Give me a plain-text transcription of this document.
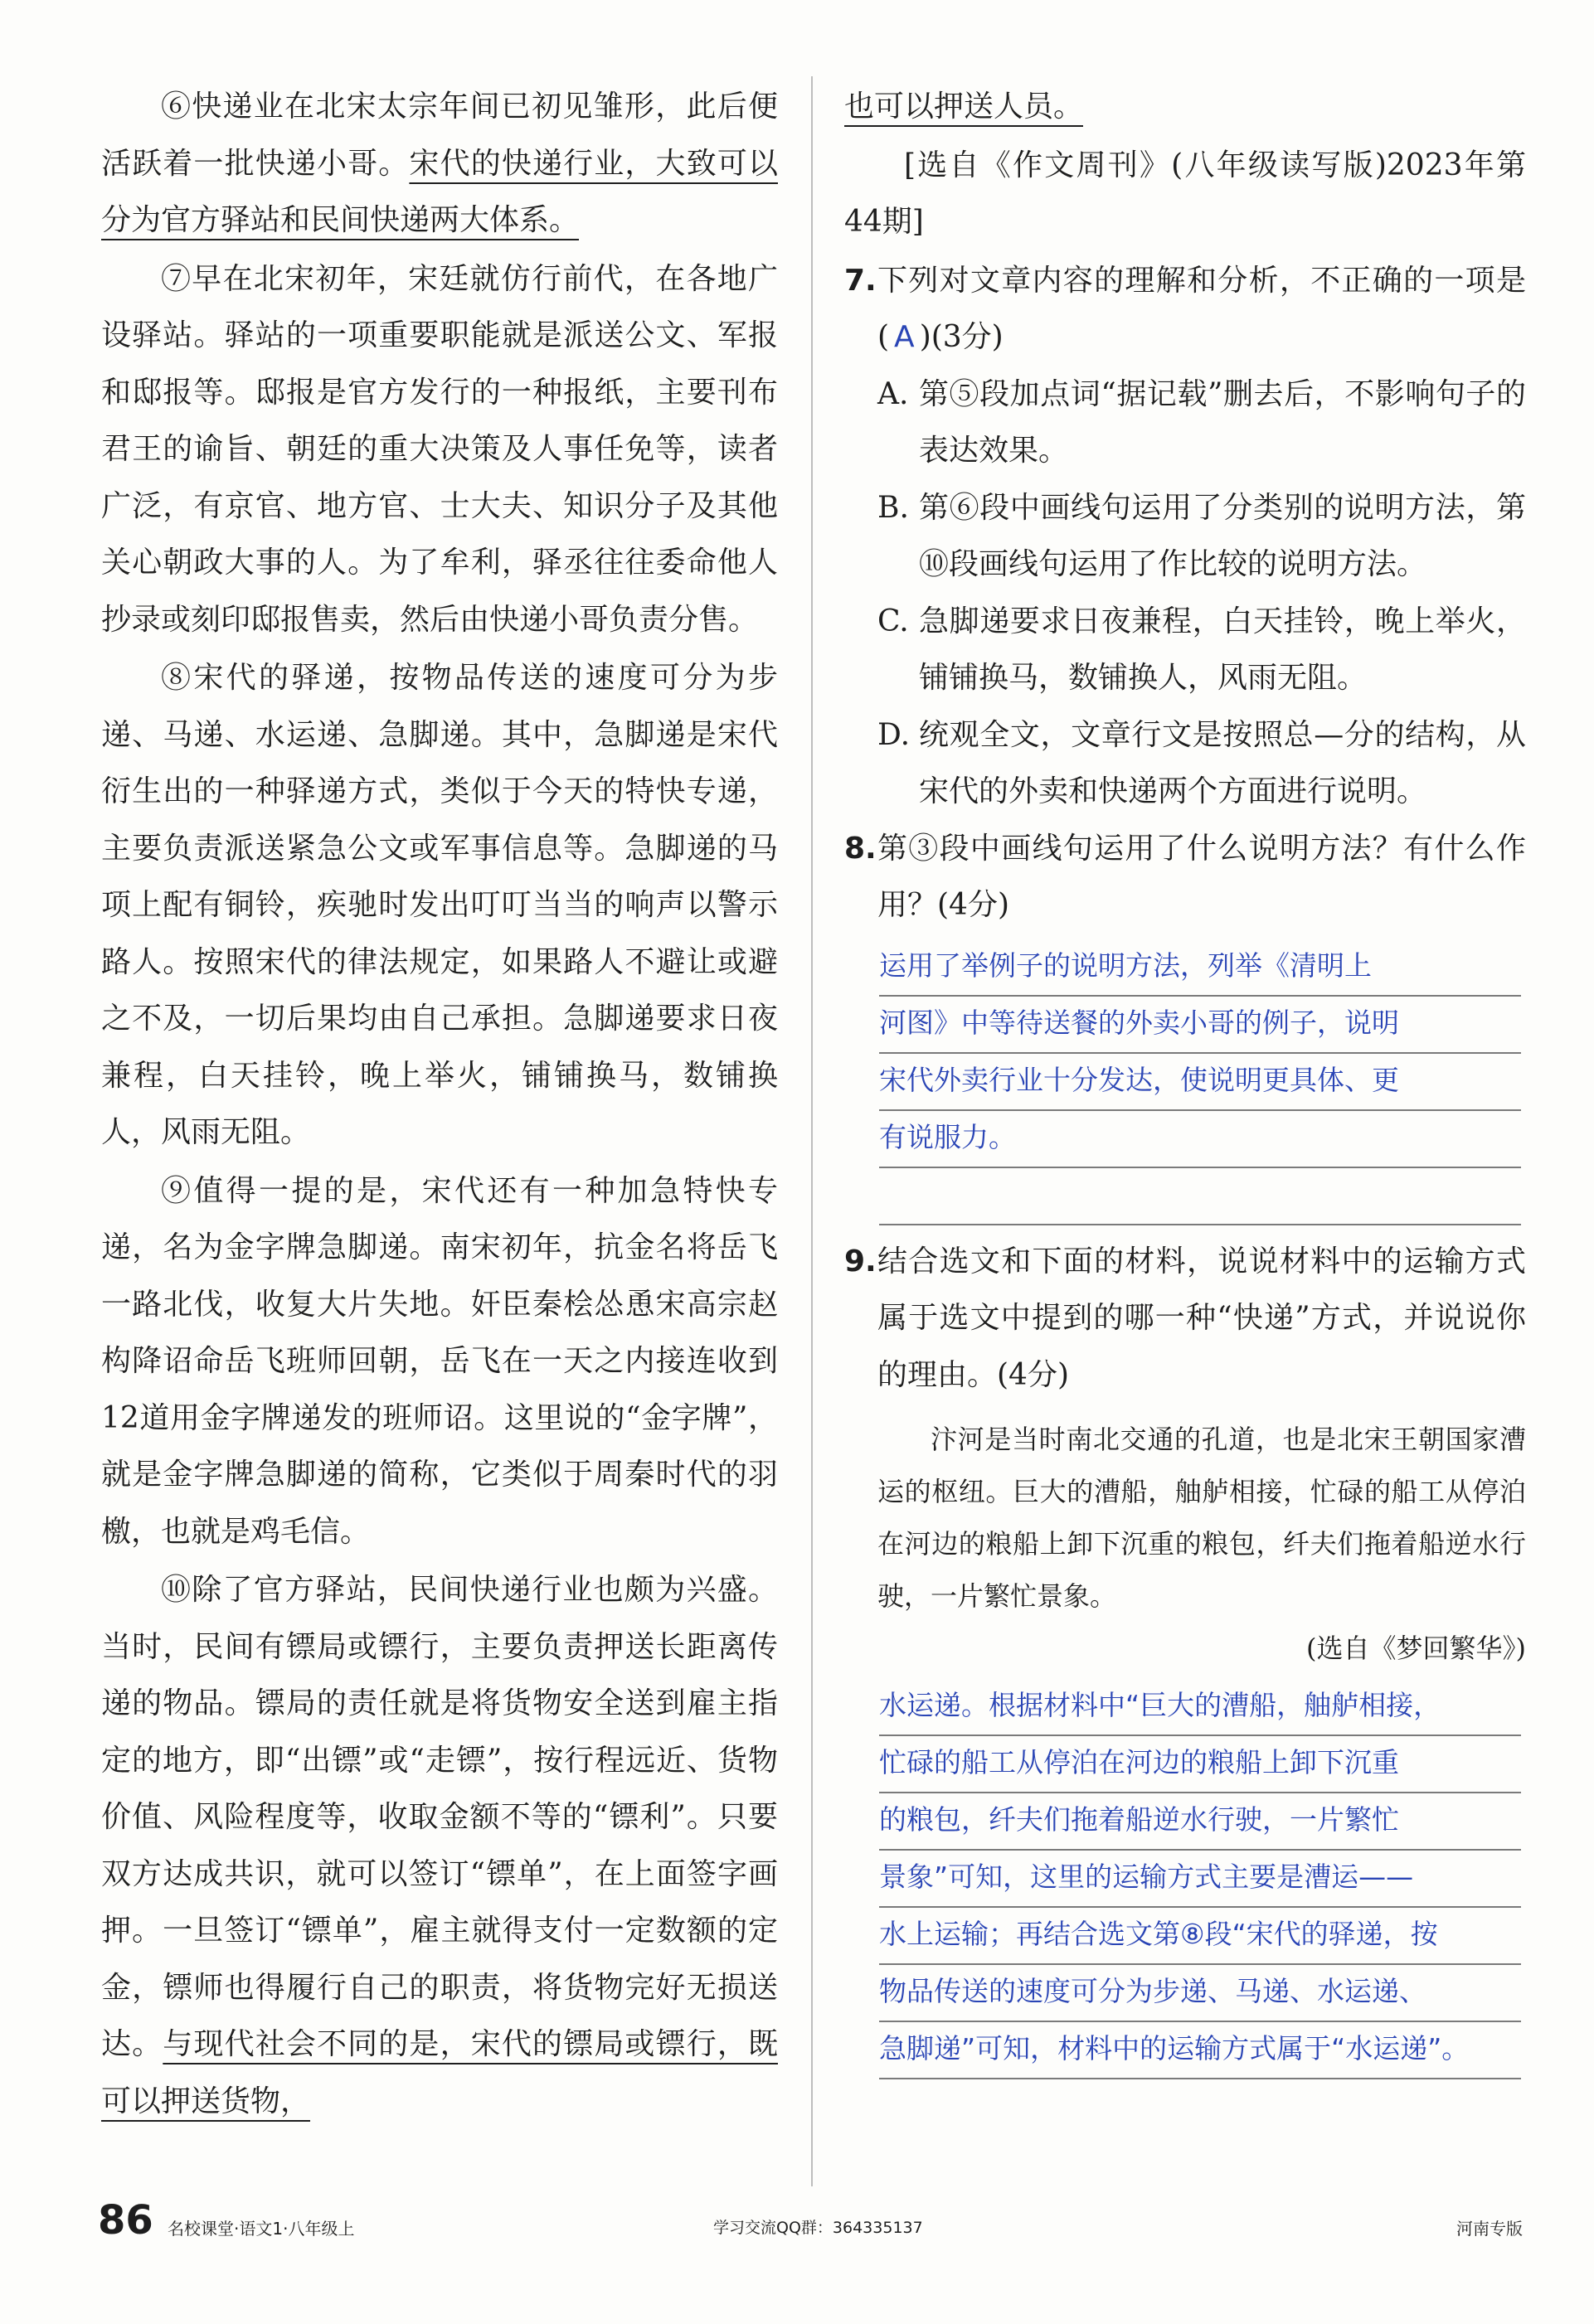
⑥快递业在北宋太宗年间已初见雏形，此后便活跃着一批快递小哥。宋代的快递行业，大致可以分为官方驿站和民间快递两大体系。

⑦早在北宋初年，宋廷就仿行前代，在各地广设驿站。驿站的一项重要职能就是派送公文、军报和邸报等。邸报是官方发行的一种报纸，主要刊布君王的谕旨、朝廷的重大决策及人事任免等，读者广泛，有京官、地方官、士大夫、知识分子及其他关心朝政大事的人。为了牟利，驿丞往往委命他人抄录或刻印邸报售卖，然后由快递小哥负责分售。

⑧宋代的驿递，按物品传送的速度可分为步递、马递、水运递、急脚递。其中，急脚递是宋代衍生出的一种驿递方式，类似于今天的特快专递，主要负责派送紧急公文或军事信息等。急脚递的马项上配有铜铃，疾驰时发出叮叮当当的响声以警示路人。按照宋代的律法规定，如果路人不避让或避之不及，一切后果均由自己承担。急脚递要求日夜兼程，白天挂铃，晚上举火，铺铺换马，数铺换人，风雨无阻。

⑨值得一提的是，宋代还有一种加急特快专递，名为金字牌急脚递。南宋初年，抗金名将岳飞一路北伐，收复大片失地。奸臣秦桧怂恿宋高宗赵构降诏命岳飞班师回朝，岳飞在一天之内接连收到12道用金字牌递发的班师诏。这里说的“金字牌”，就是金字牌急脚递的简称，它类似于周秦时代的羽檄，也就是鸡毛信。

⑩除了官方驿站，民间快递行业也颇为兴盛。当时，民间有镖局或镖行，主要负责押送长距离传递的物品。镖局的责任就是将货物安全送到雇主指定的地方，即“出镖”或“走镖”，按行程远近、货物价值、风险程度等，收取金额不等的“镖利”。只要双方达成共识，就可以签订“镖单”，在上面签字画押。一旦签订“镖单”，雇主就得支付一定数额的定金，镖师也得履行自己的职责，将货物完好无损送达。与现代社会不同的是，宋代的镖局或镖行，既可以押送货物，

也可以押送人员。

[选自《作文周刊》(八年级读写版)2023年第44期]

7. 下列对文章内容的理解和分析，不正确的一项是( A )(3分)

A. 第⑤段加点词“据记载”删去后，不影响句子的表达效果。

B. 第⑥段中画线句运用了分类别的说明方法，第⑩段画线句运用了作比较的说明方法。

C. 急脚递要求日夜兼程，白天挂铃，晚上举火，铺铺换马，数铺换人，风雨无阻。

D. 统观全文，文章行文是按照总—分的结构，从宋代的外卖和快递两个方面进行说明。

8. 第③段中画线句运用了什么说明方法？有什么作用？(4分)

运用了举例子的说明方法，列举《清明上
河图》中等待送餐的外卖小哥的例子，说明
宋代外卖行业十分发达，使说明更具体、更
有说服力。

9. 结合选文和下面的材料，说说材料中的运输方式属于选文中提到的哪一种“快递”方式，并说说你的理由。(4分)

汴河是当时南北交通的孔道，也是北宋王朝国家漕运的枢纽。巨大的漕船，舳舻相接，忙碌的船工从停泊在河边的粮船上卸下沉重的粮包，纤夫们拖着船逆水行驶，一片繁忙景象。

(选自《梦回繁华》)

水运递。根据材料中“巨大的漕船，舳舻相接，
忙碌的船工从停泊在河边的粮船上卸下沉重
的粮包，纤夫们拖着船逆水行驶，一片繁忙
景象”可知，这里的运输方式主要是漕运——
水上运输；再结合选文第⑧段“宋代的驿递，按
物品传送的速度可分为步递、马递、水运递、
急脚递”可知，材料中的运输方式属于“水运递”。
86 名校课堂·语文1·八年级上	学习交流QQ群：364335137	河南专版
